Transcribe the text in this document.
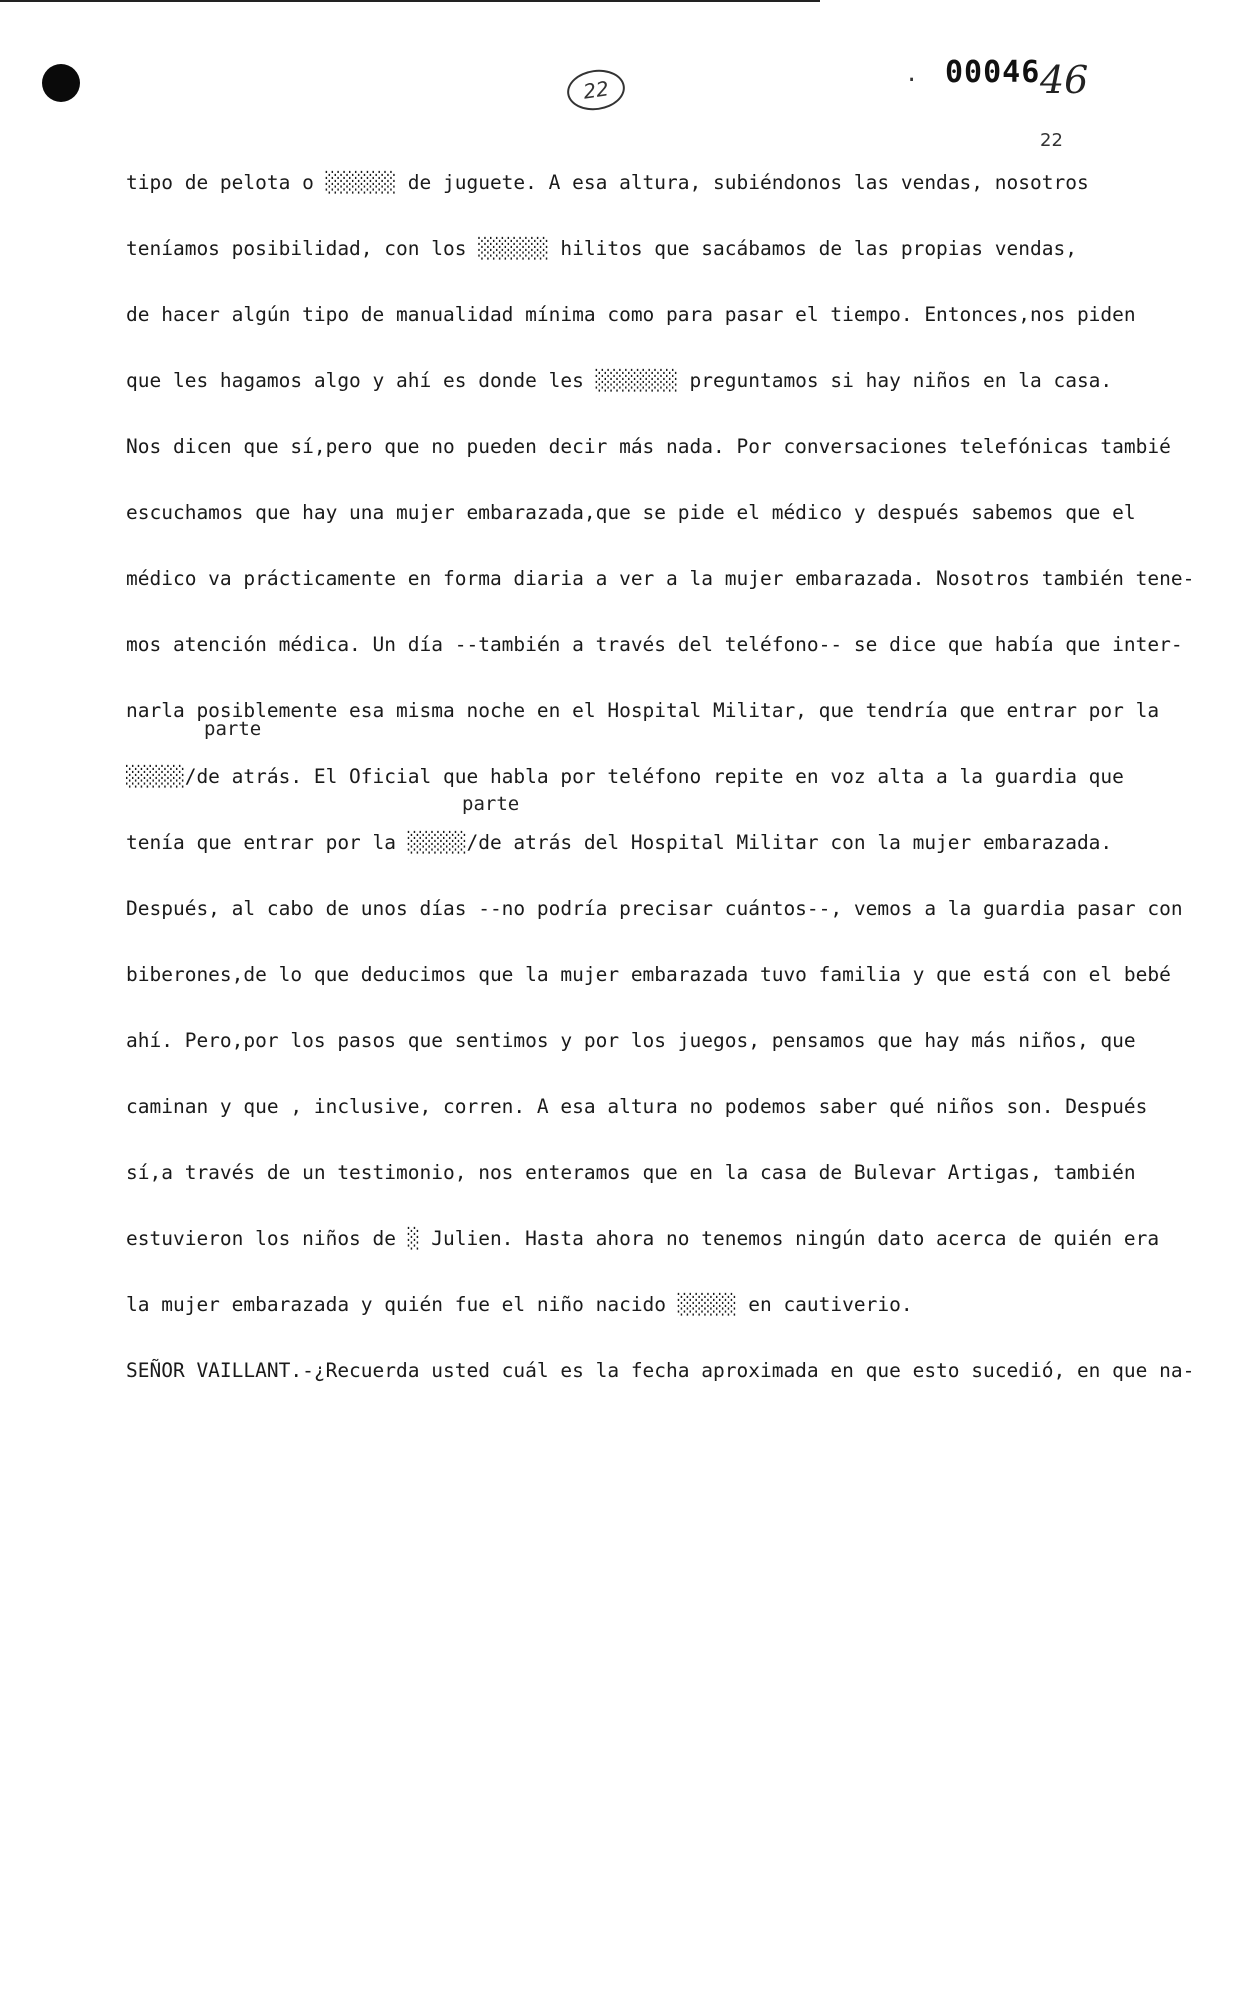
22	· 00046 46
22
parte
parte
tipo de pelota o ░░░░░░ de juguete. A esa altura, subiéndonos las vendas, nosotros
teníamos posibilidad, con los ░░░░░░ hilitos que sacábamos de las propias vendas,
de hacer algún tipo de manualidad mínima como para pasar el tiempo. Entonces,nos piden
que les hagamos algo y ahí es donde les ░░░░░░░ preguntamos si hay niños en la casa.
Nos dicen que sí,pero que no pueden decir más nada. Por conversaciones telefónicas tambié
escuchamos que hay una mujer embarazada,que se pide el médico y después sabemos que el
médico va prácticamente en forma diaria a ver a la mujer embarazada. Nosotros también tene-
mos atención médica. Un día --también a través del teléfono-- se dice que había que inter-
narla posiblemente esa misma noche en el Hospital Militar, que tendría que entrar por la
░░░░░/de atrás. El Oficial que habla por teléfono repite en voz alta a la guardia que
tenía que entrar por la ░░░░░/de atrás del Hospital Militar con la mujer embarazada.
Después, al cabo de unos días --no podría precisar cuántos--, vemos a la guardia pasar con
biberones,de lo que deducimos que la mujer embarazada tuvo familia y que está con el bebé
ahí. Pero,por los pasos que sentimos y por los juegos, pensamos que hay más niños, que
caminan y que , inclusive, corren. A esa altura no podemos saber qué niños son. Después
sí,a través de un testimonio, nos enteramos que en la casa de Bulevar Artigas, también
estuvieron los niños de ░ Julien. Hasta ahora no tenemos ningún dato acerca de quién era
la mujer embarazada y quién fue el niño nacido ░░░░░ en cautiverio.
SEÑOR VAILLANT.-¿Recuerda usted cuál es la fecha aproximada en que esto sucedió, en que na-
